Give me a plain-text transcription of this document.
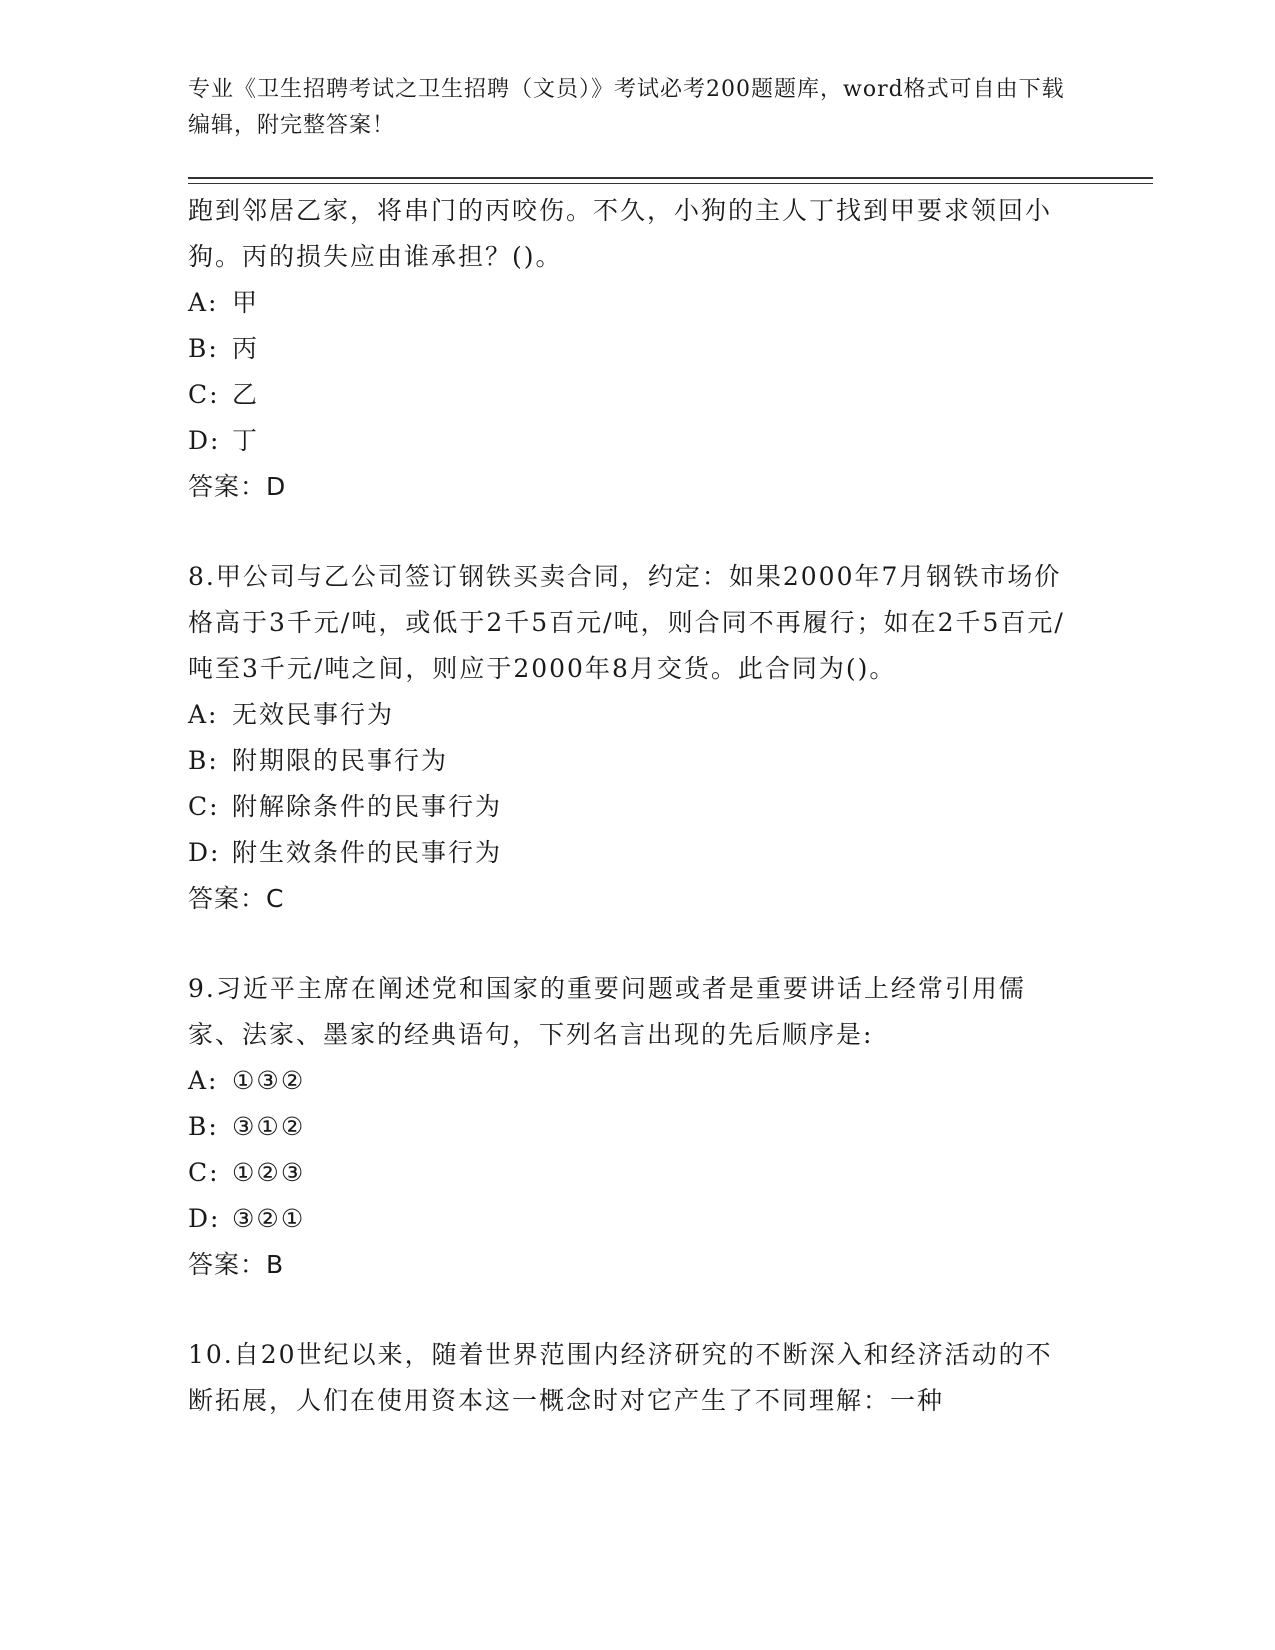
专业《卫生招聘考试之卫生招聘（文员）》考试必考200题题库，word格式可自由下载编辑，附完整答案！

跑到邻居乙家，将串门的丙咬伤。不久，小狗的主人丁找到甲要求领回小狗。丙的损失应由谁承担？()。

A: 甲
B: 丙
C: 乙
D: 丁
答案：D

8.甲公司与乙公司签订钢铁买卖合同，约定：如果2000年7月钢铁市场价格高于3千元/吨，或低于2千5百元/吨，则合同不再履行；如在2千5百元/吨至3千元/吨之间，则应于2000年8月交货。此合同为()。

A: 无效民事行为
B: 附期限的民事行为
C: 附解除条件的民事行为
D: 附生效条件的民事行为
答案：C

9.习近平主席在阐述党和国家的重要问题或者是重要讲话上经常引用儒家、法家、墨家的经典语句，下列名言出现的先后顺序是:

A: ①③②
B: ③①②
C: ①②③
D: ③②①
答案：B

10.自20世纪以来，随着世界范围内经济研究的不断深入和经济活动的不断拓展，人们在使用资本这一概念时对它产生了不同理解：一种
